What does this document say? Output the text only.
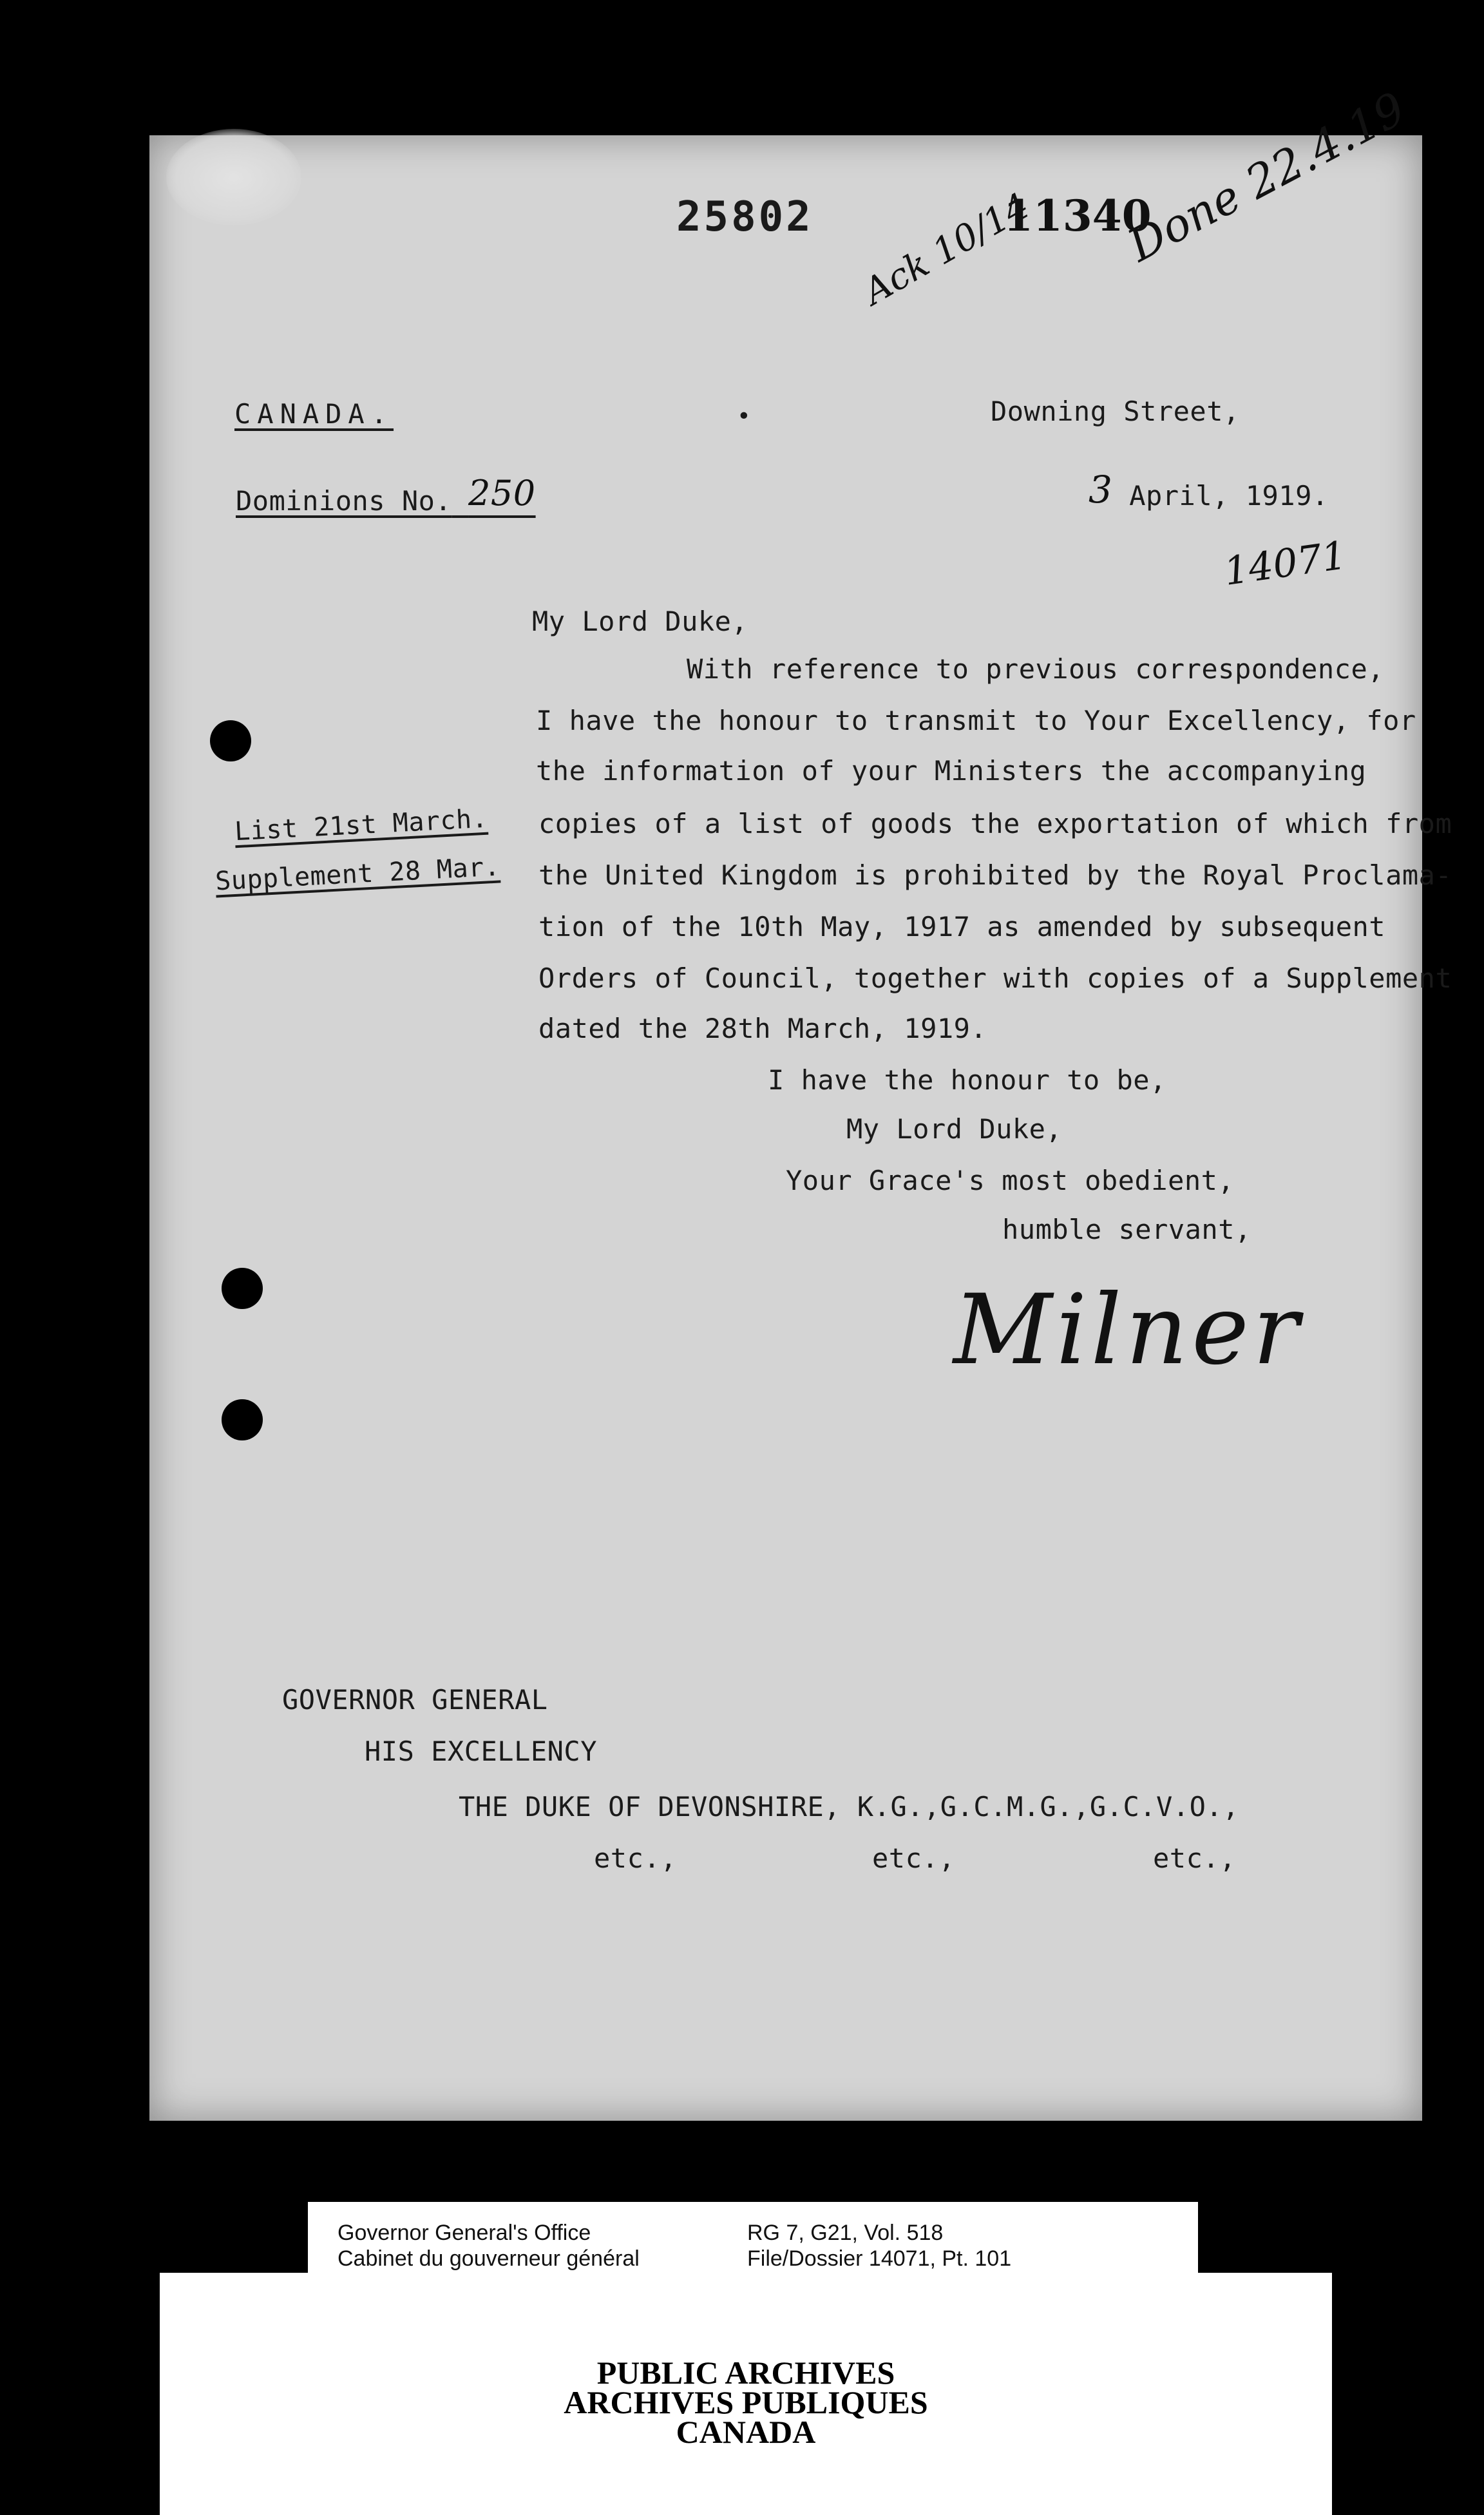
25802	11340
Done 22.4.19
Ack 10/14
CANADA.
Dominions No. 250
•	Downing Street,
3 April, 1919.
14071
My Lord Duke,
With reference to previous correspondence,
I have the honour to transmit to Your Excellency, for
the information of your Ministers the accompanying
copies of a list of goods the exportation of which from
the United Kingdom is prohibited by the Royal Proclama-
tion of the 10th May, 1917 as amended by subsequent
Orders of Council, together with copies of a Supplement
dated the 28th March, 1919.
List 21st March.
Supplement 28 Mar.
I have the honour to be,
My Lord Duke,
Your Grace's most obedient,
humble servant,
Milner
GOVERNOR GENERAL
HIS EXCELLENCY
THE DUKE OF DEVONSHIRE, K.G.,G.C.M.G.,G.C.V.O.,
etc.,	etc.,	etc.,
Governor General's Office
Cabinet du gouverneur général
RG 7, G21, Vol. 518
File/Dossier 14071, Pt. 101
PUBLIC ARCHIVES
ARCHIVES PUBLIQUES
CANADA
